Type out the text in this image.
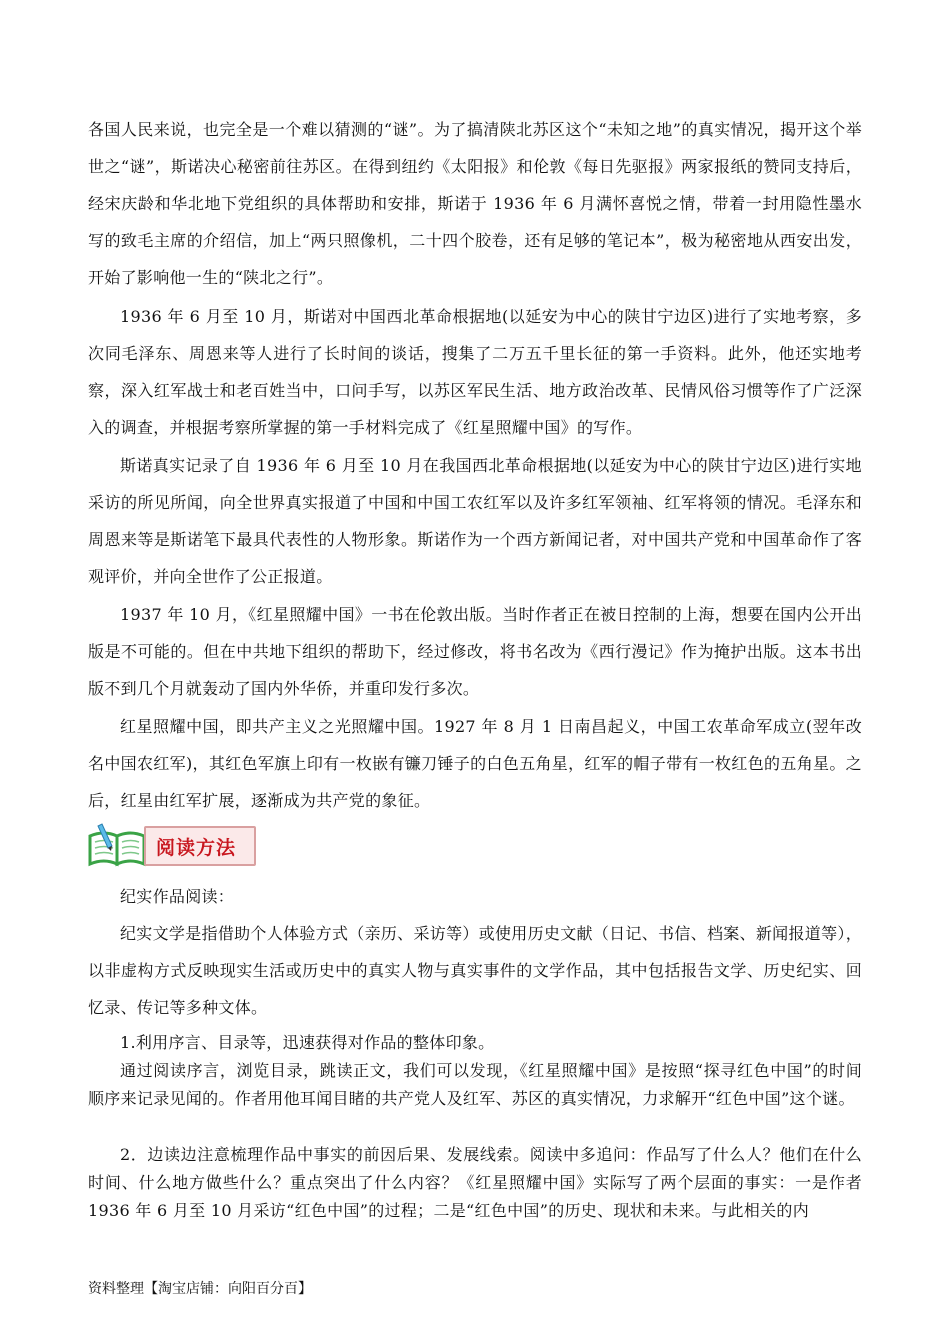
各国人民来说，也完全是一个难以猜测的“谜”。为了搞清陕北苏区这个“未知之地”的真实情况，揭开这个举世之“谜”，斯诺决心秘密前往苏区。在得到纽约《太阳报》和伦敦《每日先驱报》两家报纸的赞同支持后，经宋庆龄和华北地下党组织的具体帮助和安排，斯诺于 1936 年 6 月满怀喜悦之情，带着一封用隐性墨水写的致毛主席的介绍信，加上“两只照像机，二十四个胶卷，还有足够的笔记本”，极为秘密地从西安出发，开始了影响他一生的“陕北之行”。

1936 年 6 月至 10 月，斯诺对中国西北革命根据地(以延安为中心的陕甘宁边区)进行了实地考察，多次同毛泽东、周恩来等人进行了长时间的谈话，搜集了二万五千里长征的第一手资料。此外，他还实地考察，深入红军战士和老百姓当中，口问手写，以苏区军民生活、地方政治改革、民情风俗习惯等作了广泛深入的调查，并根据考察所掌握的第一手材料完成了《红星照耀中国》的写作。

斯诺真实记录了自 1936 年 6 月至 10 月在我国西北革命根据地(以延安为中心的陕甘宁边区)进行实地采访的所见所闻，向全世界真实报道了中国和中国工农红军以及许多红军领袖、红军将领的情况。毛泽东和周恩来等是斯诺笔下最具代表性的人物形象。斯诺作为一个西方新闻记者，对中国共产党和中国革命作了客观评价，并向全世作了公正报道。

1937 年 10 月，《红星照耀中国》一书在伦敦出版。当时作者正在被日控制的上海，想要在国内公开出版是不可能的。但在中共地下组织的帮助下，经过修改，将书名改为《西行漫记》作为掩护出版。这本书出版不到几个月就轰动了国内外华侨，并重印发行多次。

红星照耀中国，即共产主义之光照耀中国。1927 年 8 月 1 日南昌起义，中国工农革命军成立(翌年改名中国农红军)，其红色军旗上印有一枚嵌有镰刀锤子的白色五角星，红军的帽子带有一枚红色的五角星。之后，红星由红军扩展，逐渐成为共产党的象征。

阅读方法

纪实作品阅读：

纪实文学是指借助个人体验方式（亲历、采访等）或使用历史文献（日记、书信、档案、新闻报道等），以非虚构方式反映现实生活或历史中的真实人物与真实事件的文学作品，其中包括报告文学、历史纪实、回忆录、传记等多种文体。

1.利用序言、目录等，迅速获得对作品的整体印象。

通过阅读序言，浏览目录，跳读正文，我们可以发现，《红星照耀中国》是按照“探寻红色中国”的时间顺序来记录见闻的。作者用他耳闻目睹的共产党人及红军、苏区的真实情况，力求解开“红色中国”这个谜。

2．边读边注意梳理作品中事实的前因后果、发展线索。阅读中多追问：作品写了什么人？他们在什么时间、什么地方做些什么？重点突出了什么内容？《红星照耀中国》实际写了两个层面的事实：一是作者 1936 年 6 月至 10 月采访“红色中国”的过程；二是“红色中国”的历史、现状和未来。与此相关的内

资料整理【淘宝店铺：向阳百分百】
